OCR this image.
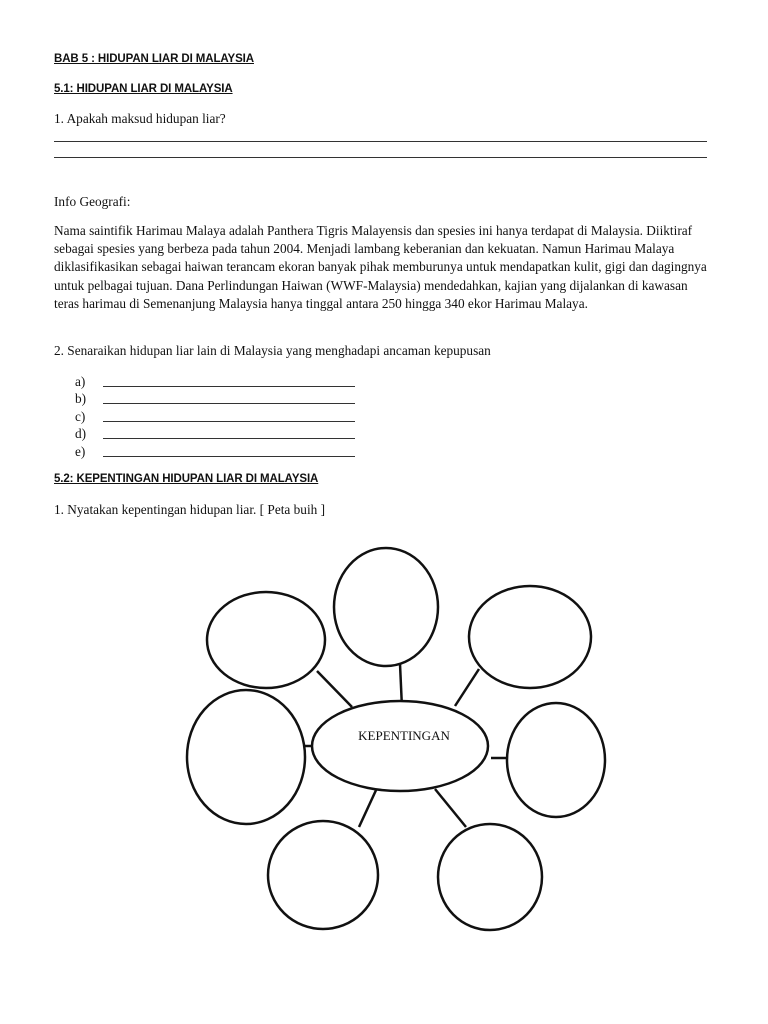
BAB 5 : HIDUPAN LIAR DI MALAYSIA

5.1: HIDUPAN LIAR DI MALAYSIA

1. Apakah maksud hidupan liar?

Info Geografi:

Nama saintifik Harimau Malaya adalah Panthera Tigris Malayensis dan spesies ini hanya terdapat di Malaysia. Diiktiraf sebagai spesies yang berbeza pada tahun 2004. Menjadi lambang keberanian dan kekuatan. Namun Harimau Malaya diklasifikasikan sebagai haiwan terancam ekoran banyak pihak memburunya untuk mendapatkan kulit, gigi dan dagingnya untuk pelbagai tujuan. Dana Perlindungan Haiwan (WWF-Malaysia) mendedahkan, kajian yang dijalankan di kawasan teras harimau di Semenanjung Malaysia hanya tinggal antara 250 hingga 340 ekor Harimau Malaya.

2. Senaraikan hidupan liar lain di Malaysia yang menghadapi ancaman kepupusan

a)
b)
c)
d)
e)

5.2: KEPENTINGAN HIDUPAN LIAR DI MALAYSIA

1. Nyatakan kepentingan hidupan liar. [ Peta buih ]

KEPENTINGAN
